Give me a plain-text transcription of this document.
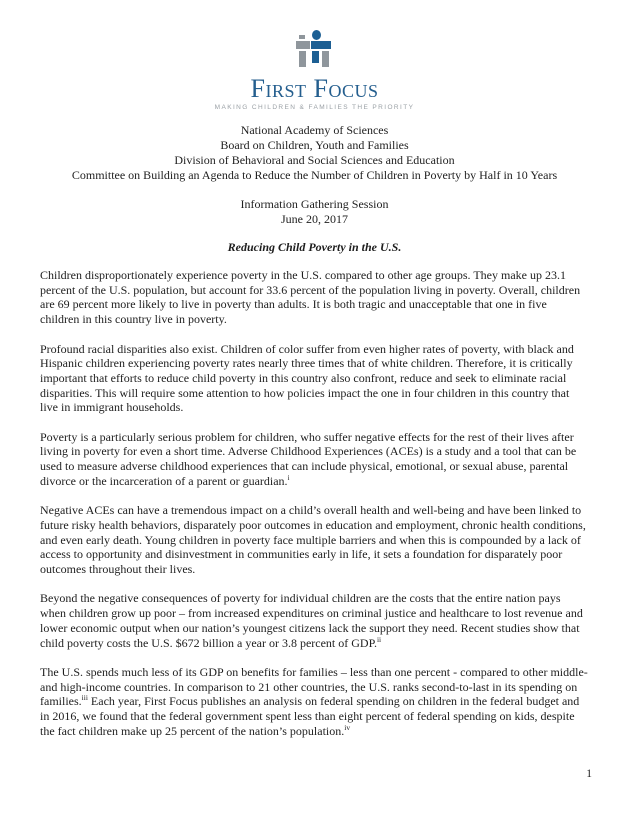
First Focus
MAKING CHILDREN & FAMILIES THE PRIORITY
National Academy of Sciences
Board on Children, Youth and Families
Division of Behavioral and Social Sciences and Education
Committee on Building an Agenda to Reduce the Number of Children in Poverty by Half in 10 Years
Information Gathering Session
June 20, 2017
Reducing Child Poverty in the U.S.

Children disproportionately experience poverty in the U.S. compared to other age groups. They make up 23.1 percent of the U.S. population, but account for 33.6 percent of the population living in poverty. Overall, children are 69 percent more likely to live in poverty than adults. It is both tragic and unacceptable that one in five children in this country live in poverty.

Profound racial disparities also exist. Children of color suffer from even higher rates of poverty, with black and Hispanic children experiencing poverty rates nearly three times that of white children. Therefore, it is critically important that efforts to reduce child poverty in this country also confront, reduce and seek to eliminate racial disparities. This will require some attention to how policies impact the one in four children in this country that live in immigrant households.

Poverty is a particularly serious problem for children, who suffer negative effects for the rest of their lives after living in poverty for even a short time. Adverse Childhood Experiences (ACEs) is a study and a tool that can be used to measure adverse childhood experiences that can include physical, emotional, or sexual abuse, parental divorce or the incarceration of a parent or guardian.$^i$

Negative ACEs can have a tremendous impact on a child’s overall health and well-being and have been linked to future risky health behaviors, disparately poor outcomes in education and employment, chronic health conditions, and even early death. Young children in poverty face multiple barriers and when this is compounded by a lack of access to opportunity and disinvestment in communities early in life, it sets a foundation for disparately poor outcomes throughout their lives.

Beyond the negative consequences of poverty for individual children are the costs that the entire nation pays when children grow up poor – from increased expenditures on criminal justice and healthcare to lost revenue and lower economic output when our nation’s youngest citizens lack the support they need. Recent studies show that child poverty costs the U.S. $672 billion a year or 3.8 percent of GDP.$^{ii}$

The U.S. spends much less of its GDP on benefits for families – less than one percent - compared to other middle- and high-income countries. In comparison to 21 other countries, the U.S. ranks second-to-last in its spending on families.$^{iii}$ Each year, First Focus publishes an analysis on federal spending on children in the federal budget and in 2016, we found that the federal government spent less than eight percent of federal spending on kids, despite the fact children make up 25 percent of the nation’s population.$^{iv}$

1
